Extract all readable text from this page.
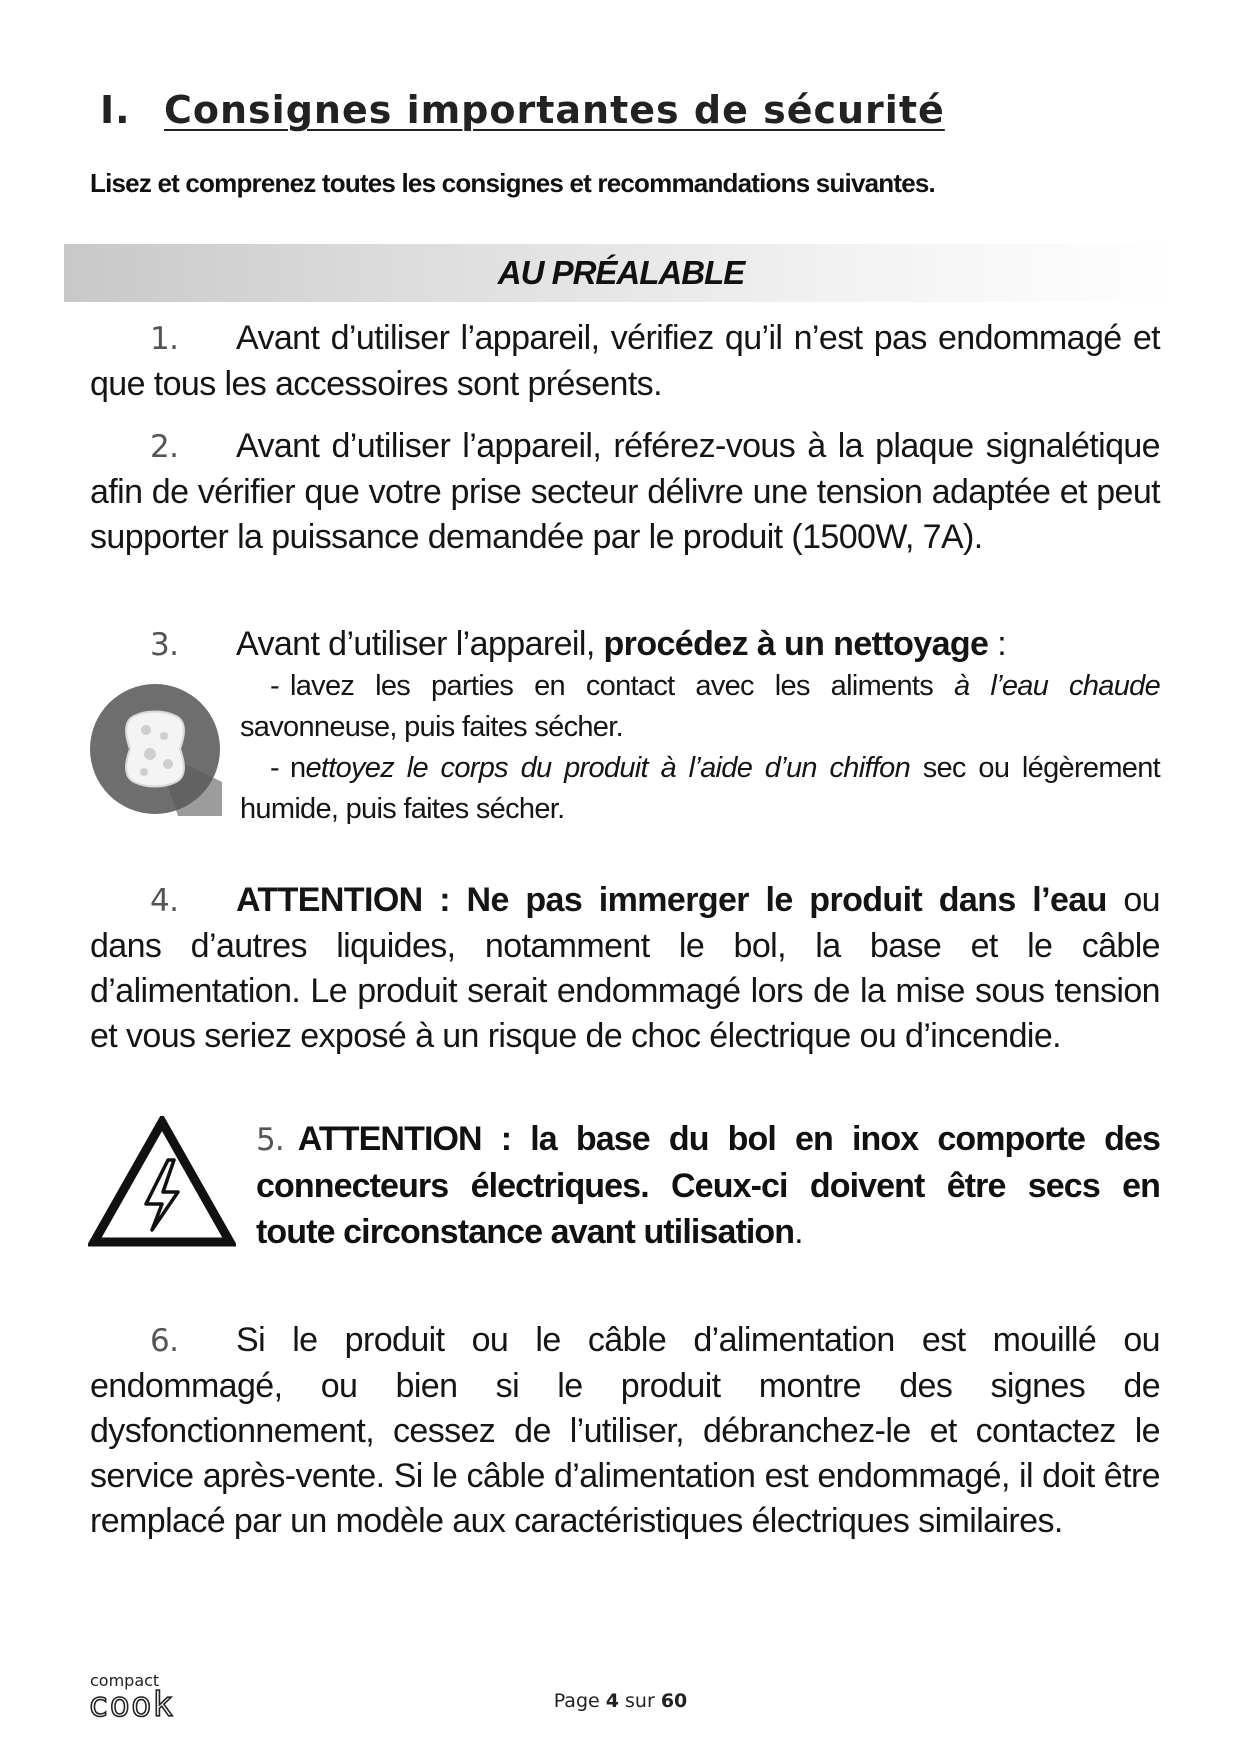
I. Consignes importantes de sécurité

Lisez et comprenez toutes les consignes et recommandations suivantes.

AU PRÉALABLE

1. Avant d’utiliser l’appareil, vérifiez qu’il n’est pas endommagé et que tous les accessoires sont présents.

2. Avant d’utiliser l’appareil, référez-vous à la plaque signalétique afin de vérifier que votre prise secteur délivre une tension adaptée et peut supporter la puissance demandée par le produit (1500W, 7A).

3. Avant d’utiliser l’appareil, procédez à un nettoyage :

- lavez les parties en contact avec les aliments à l’eau chaude savonneuse, puis faites sécher.

- nettoyez le corps du produit à l’aide d’un chiffon sec ou légèrement humide, puis faites sécher.

4. ATTENTION : Ne pas immerger le produit dans l’eau ou dans d’autres liquides, notamment le bol, la base et le câble d’alimentation. Le produit serait endommagé lors de la mise sous tension et vous seriez exposé à un risque de choc électrique ou d’incendie.

5. ATTENTION : la base du bol en inox comporte des connecteurs électriques. Ceux-ci doivent être secs en toute circonstance avant utilisation.

6. Si le produit ou le câble d’alimentation est mouillé ou endommagé, ou bien si le produit montre des signes de dysfonctionnement, cessez de l’utiliser, débranchez-le et contactez le service après-vente. Si le câble d’alimentation est endommagé, il doit être remplacé par un modèle aux caractéristiques électriques similaires.

compact
cook	Page 4 sur 60
